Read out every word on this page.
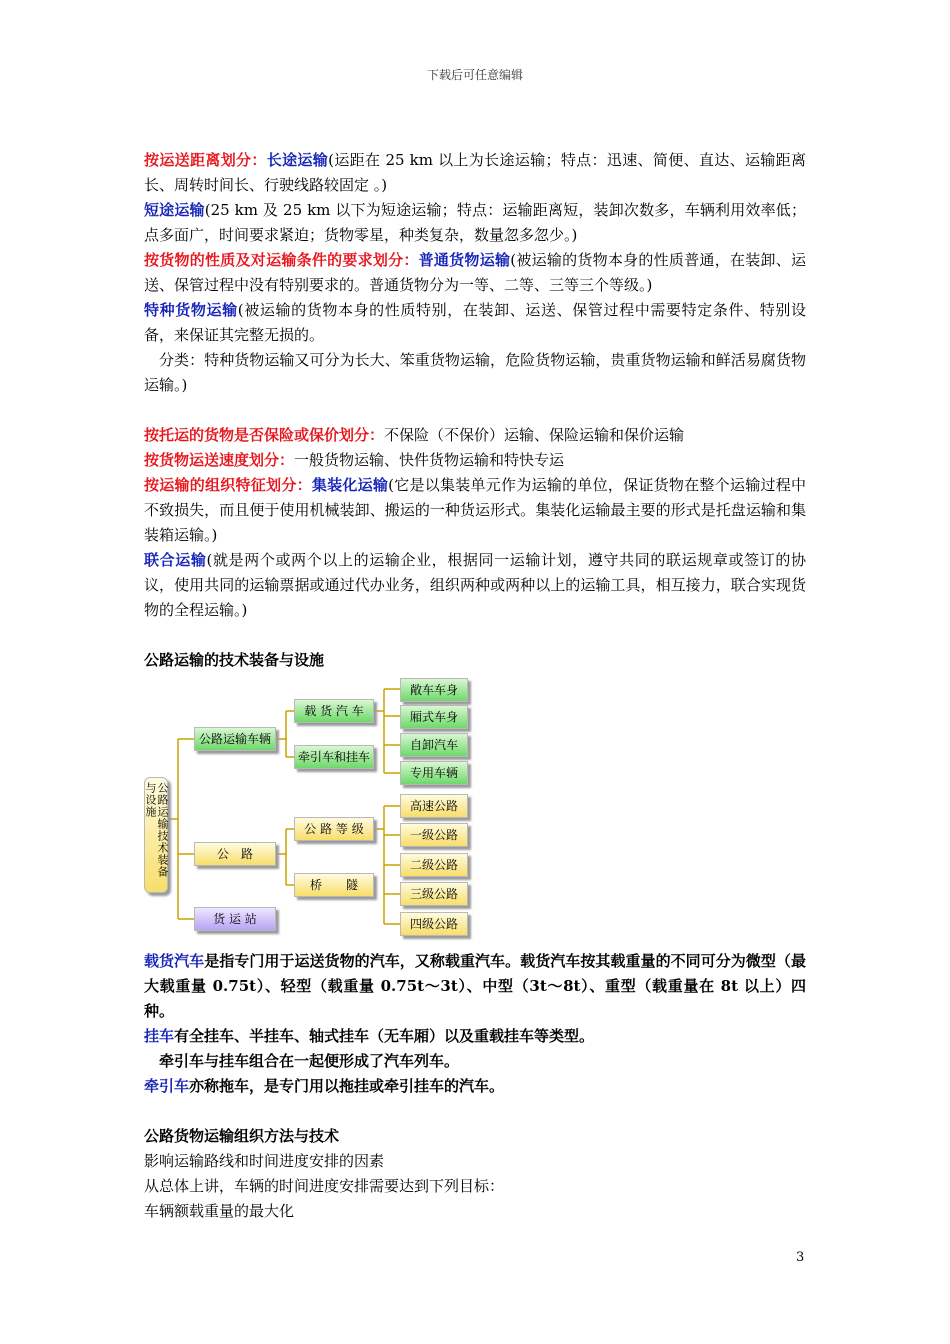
下载后可任意编辑

按运送距离划分：长途运输(运距在 25 km 以上为长途运输；特点：迅速、简便、直达、运输距离长、周转时间长、行驶线路较固定 。)

短途运输(25 km 及 25 km 以下为短途运输；特点：运输距离短，装卸次数多，车辆利用效率低；点多面广，时间要求紧迫；货物零星，种类复杂，数量忽多忽少。)

按货物的性质及对运输条件的要求划分：普通货物运输(被运输的货物本身的性质普通，在装卸、运送、保管过程中没有特别要求的。普通货物分为一等、二等、三等三个等级。)

特种货物运输(被运输的货物本身的性质特别，在装卸、运送、保管过程中需要特定条件、特别设备，来保证其完整无损的。

分类：特种货物运输又可分为长大、笨重货物运输，危险货物运输，贵重货物运输和鲜活易腐货物运输。)

按托运的货物是否保险或保价划分：不保险（不保价）运输、保险运输和保价运输

按货物运送速度划分：一般货物运输、快件货物运输和特快专运

按运输的组织特征划分：集装化运输(它是以集装单元作为运输的单位，保证货物在整个运输过程中不致损失，而且便于使用机械装卸、搬运的一种货运形式。集装化运输最主要的形式是托盘运输和集装箱运输。)

联合运输(就是两个或两个以上的运输企业，根据同一运输计划，遵守共同的联运规章或签订的协议，使用共同的运输票据或通过代办业务，组织两种或两种以上的运输工具，相互接力，联合实现货物的全程运输。)

公路运输的技术装备与设施

公路运输技术装备与设施
公路运输车辆
载 货 汽 车
牵引车和挂车
敞车车身
厢式车身
自卸汽车
专用车辆
公　路
公 路 等 级
桥　　隧
高速公路
一级公路
二级公路
三级公路
四级公路
货 运 站

载货汽车是指专门用于运送货物的汽车，又称载重汽车。载货汽车按其载重量的不同可分为微型（最大载重量 0.75t）、轻型（载重量 0.75t～3t）、中型（3t～8t）、重型（载重量在 8t 以上）四种。

挂车有全挂车、半挂车、轴式挂车（无车厢）以及重载挂车等类型。

牵引车与挂车组合在一起便形成了汽车列车。

牵引车亦称拖车，是专门用以拖挂或牵引挂车的汽车。

公路货物运输组织方法与技术

影响运输路线和时间进度安排的因素

从总体上讲，车辆的时间进度安排需要达到下列目标：

车辆额载重量的最大化

3
